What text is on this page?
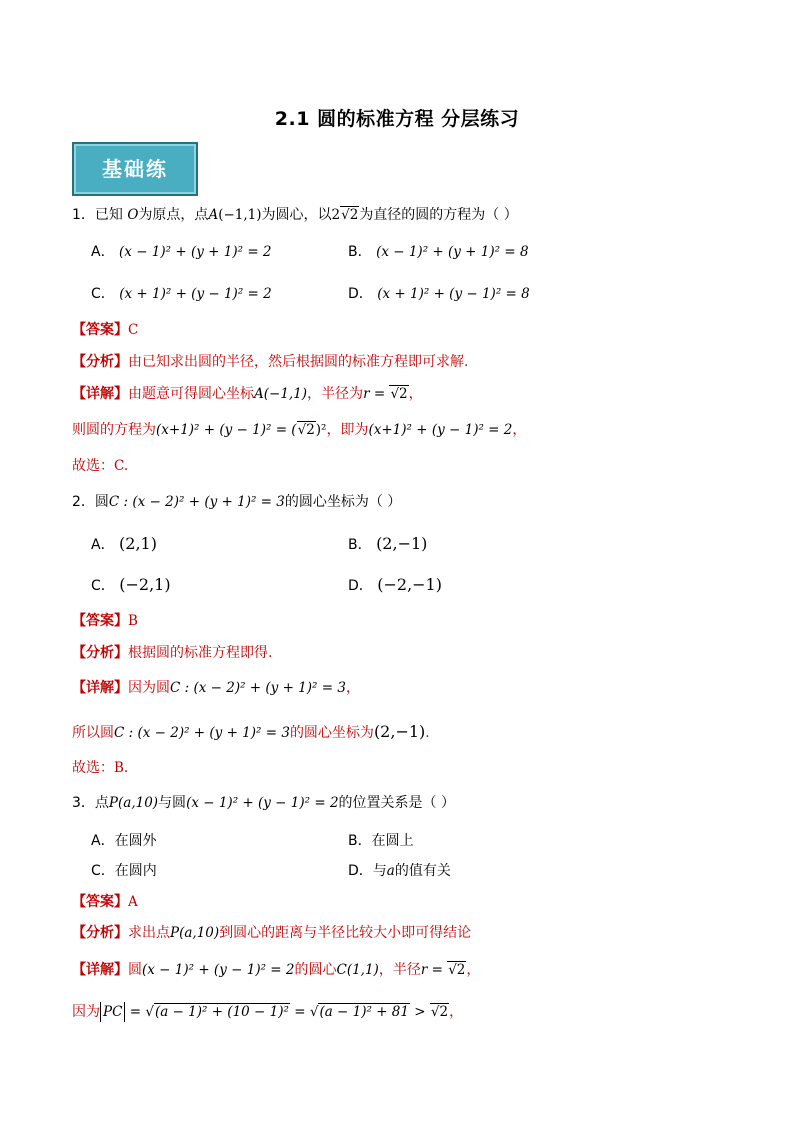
2.1 圆的标准方程 分层练习
基础练
1．已知 O为原点，点A(−1,1)为圆心，以2√2为直径的圆的方程为（ ）
A． (x − 1)² + (y + 1)² = 2	B． (x − 1)² + (y + 1)² = 8
C． (x + 1)² + (y − 1)² = 2	D． (x + 1)² + (y − 1)² = 8
【答案】C
【分析】由已知求出圆的半径，然后根据圆的标准方程即可求解.
【详解】由题意可得圆心坐标A(−1,1)，半径为r = √2，
则圆的方程为(x+1)² + (y − 1)² = (√2)²，即为(x+1)² + (y − 1)² = 2，
故选：C.
2．圆C : (x − 2)² + (y + 1)² = 3的圆心坐标为（ ）
A． (2,1)	B． (2,−1)
C． (−2,1)	D． (−2,−1)
【答案】B
【分析】根据圆的标准方程即得.
【详解】因为圆C : (x − 2)² + (y + 1)² = 3，
所以圆C : (x − 2)² + (y + 1)² = 3的圆心坐标为(2,−1).
故选：B.
3．点P(a,10)与圆(x − 1)² + (y − 1)² = 2的位置关系是（ ）
A．在圆外	B．在圆上
C．在圆内	D．与a的值有关
【答案】A
【分析】求出点P(a,10)到圆心的距离与半径比较大小即可得结论
【详解】圆(x − 1)² + (y − 1)² = 2的圆心C(1,1)，半径r = √2，
因为 PC = √(a − 1)² + (10 − 1)² = √(a − 1)² + 81 > √2，
